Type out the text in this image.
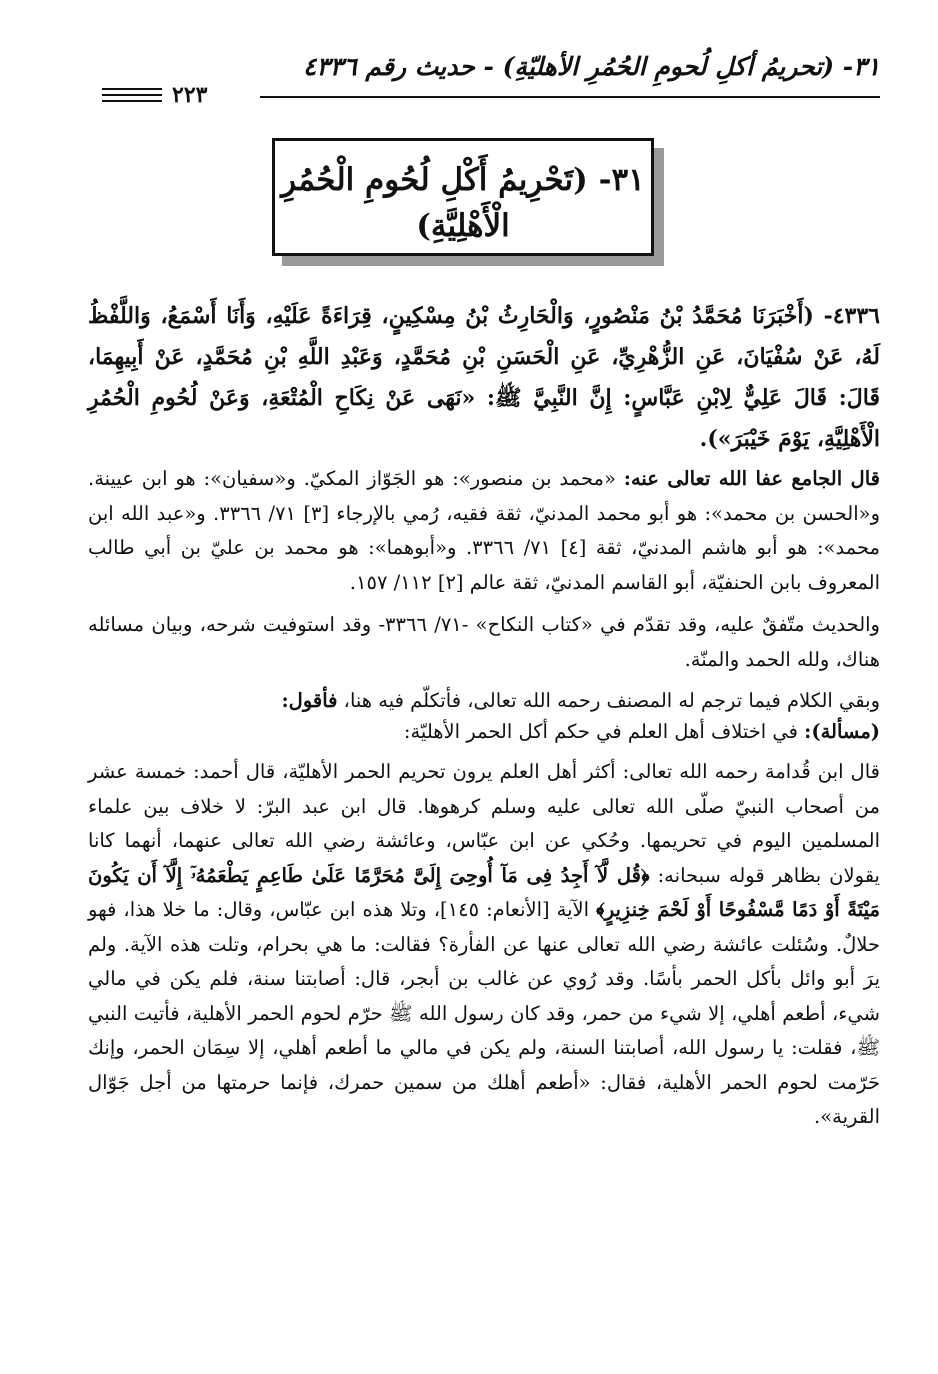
٣١- (تحريمُ أكلِ لُحومِ الحُمُرِ الأهليّةِ) - حديث رقم ٤٣٣٦
٢٢٣
٣١- (تَحْرِيمُ أَكْلِ لُحُومِ الْحُمُرِ
الْأَهْلِيَّةِ)

٤٣٣٦- (أَخْبَرَنَا مُحَمَّدُ بْنُ مَنْصُورٍ، وَالْحَارِثُ بْنُ مِسْكِينٍ، قِرَاءَةً عَلَيْهِ، وَأَنَا أَسْمَعُ، وَاللَّفْظُ لَهُ، عَنْ سُفْيَانَ، عَنِ الزُّهْرِيِّ، عَنِ الْحَسَنِ بْنِ مُحَمَّدٍ، وَعَبْدِ اللَّهِ بْنِ مُحَمَّدٍ، عَنْ أَبِيهِمَا، قَالَ: قَالَ عَلِيٌّ لِابْنِ عَبَّاسٍ: إِنَّ النَّبِيَّ ﷺ: «نَهَى عَنْ نِكَاحِ الْمُتْعَةِ، وَعَنْ لُحُومِ الْحُمُرِ الْأَهْلِيَّةِ، يَوْمَ خَيْبَرَ»).

قال الجامع عفا الله تعالى عنه: «محمد بن منصور»: هو الجَوّاز المكيّ. و«سفيان»: هو ابن عيينة. و«الحسن بن محمد»: هو أبو محمد المدنيّ، ثقة فقيه، رُمي بالإرجاء [٣] ٧١/ ٣٣٦٦. و«عبد الله ابن محمد»: هو أبو هاشم المدنيّ، ثقة [٤] ٧١/ ٣٣٦٦. و«أبوهما»: هو محمد بن عليّ بن أبي طالب المعروف بابن الحنفيّة، أبو القاسم المدنيّ، ثقة عالم [٢] ١١٢/ ١٥٧.

والحديث متّفقٌ عليه، وقد تقدّم في «كتاب النكاح» -٧١/ ٣٣٦٦- وقد استوفيت شرحه، وبيان مسائله هناك، ولله الحمد والمنّة.

وبقي الكلام فيما ترجم له المصنف رحمه الله تعالى، فأتكلّم فيه هنا، فأقول:

(مسألة): في اختلاف أهل العلم في حكم أكل الحمر الأهليّة:

قال ابن قُدامة رحمه الله تعالى: أكثر أهل العلم يرون تحريم الحمر الأهليّة، قال أحمد: خمسة عشر من أصحاب النبيّ صلّى الله تعالى عليه وسلم كرهوها. قال ابن عبد البرّ: لا خلاف بين علماء المسلمين اليوم في تحريمها. وحُكي عن ابن عبّاس، وعائشة رضي الله تعالى عنهما، أنهما كانا يقولان بظاهر قوله سبحانه: ﴿قُل لَّآ أَجِدُ فِى مَآ أُوحِىَ إِلَىَّ مُحَرَّمًا عَلَىٰ طَاعِمٍ يَطْعَمُهُۥٓ إِلَّآ أَن يَكُونَ مَيْتَةً أَوْ دَمًا مَّسْفُوحًا أَوْ لَحْمَ خِنزِيرٍ﴾ الآية [الأنعام: ١٤٥]، وتلا هذه ابن عبّاس، وقال: ما خلا هذا، فهو حلالٌ. وسُئلت عائشة رضي الله تعالى عنها عن الفأرة؟ فقالت: ما هي بحرام، وتلت هذه الآية. ولم يرَ أبو وائل بأكل الحمر بأسًا. وقد رُوي عن غالب بن أبجر، قال: أصابتنا سنة، فلم يكن في مالي شيء، أطعم أهلي، إلا شيء من حمر، وقد كان رسول الله ﷺ حرّم لحوم الحمر الأهلية، فأتيت النبي ﷺ، فقلت: يا رسول الله، أصابتنا السنة، ولم يكن في مالي ما أطعم أهلي، إلا سِمَان الحمر، وإنك حَرّمت لحوم الحمر الأهلية، فقال: «أطعم أهلك من سمين حمرك، فإنما حرمتها من أجل جَوّال القرية».
